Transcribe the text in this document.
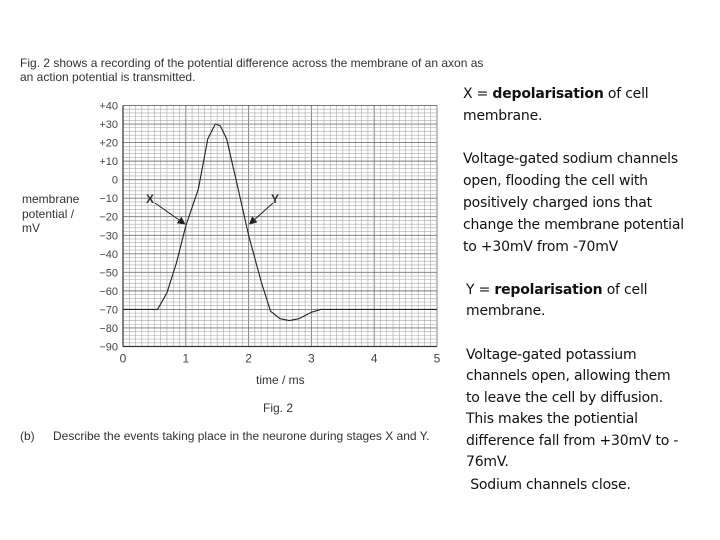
Fig. 2 shows a recording of the potential difference across the membrane of an axon as
an action potential is transmitted.
+40
+30
+20
+10
0
−10
−20
−30
−40
−50
−60
−70
−80
−90
0	1	2	3	4	5
membrane
potential /
mV
time / ms
Fig. 2
(b) Describe the events taking place in the neurone during stages X and Y.
X	Y
X = depolarisation of cell
membrane.
Voltage-gated sodium channels
open, flooding the cell with
positively charged ions that
change the membrane potential
to +30mV from -70mV
Y = repolarisation of cell
membrane.
Voltage-gated potassium
channels open, allowing them
to leave the cell by diffusion.
This makes the potiential
difference fall from +30mV to -
76mV.
Sodium channels close.
